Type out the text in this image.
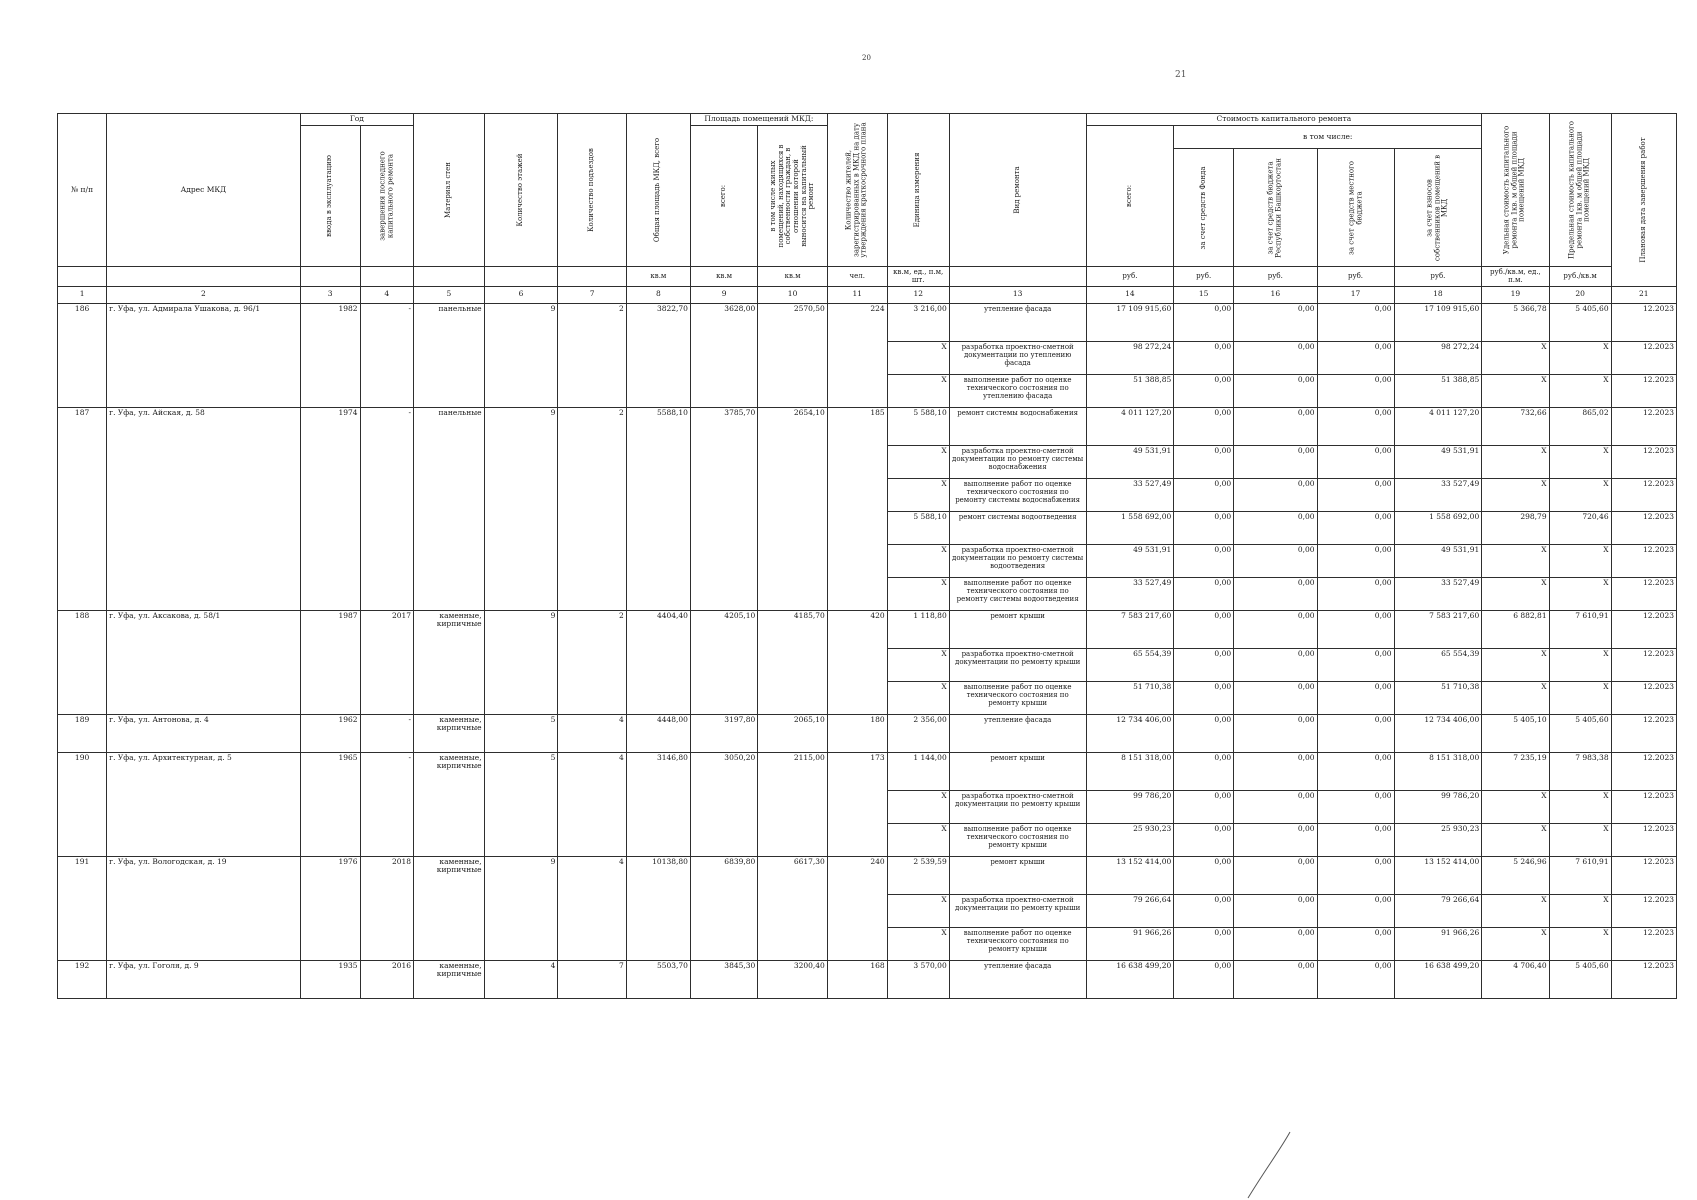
20
21
№ п/п	Адрес МКД	Год		Материал стен	Количество этажей	Количество подъездов	Общая площадь МКД, всего	Площадь помещений МКД:		Количество жителей, зарегистрированных в МКД на дату утверждения краткосрочного плана	Единица измерения	Вид ремонта	Стоимость капитального ремонта					Удельная стоимость капитального ремонта 1кв. м общей площади помещений МКД	Предельная стоимость капитального ремонта 1кв. м общей площади помещений МКД	Плановая дата завершения работ

		ввода в эксплуатацию	завершения последнего капитального ремонта					всего:	в том числе жилых помещений, находящихся в собственности граждан, в отношении которой выносится на капитальный ремонт				всего:	в том числе:						

														за счет средств Фонда	за счет средств бюджета Республики Башкортостан	за счет средств местного бюджета	за счет взносов собственников помещений в МКД			

							кв.м	кв.м	кв.м	чел.	кв.м, ед., п.м, шт.		руб.	руб.	руб.	руб.	руб.	руб./кв.м, ед., п.м.	руб./кв.м	
1	2	3	4	5	6	7	8	9	10	11	12	13	14	15	16	17	18	19	20	21
186	г. Уфа, ул. Адмирала Ушакова, д. 96/1	1982	-	панельные	9	2	3822,70	3628,00	2570,50	224	3 216,00	утепление фасада	17 109 915,60	0,00	0,00	0,00	17 109 915,60	5 366,78	5 405,60	12.2023
											X	разработка проектно-сметной документации по утеплению фасада	98 272,24	0,00	0,00	0,00	98 272,24	X	X	12.2023
											X	выполнение работ по оценке технического состояния по утеплению фасада	51 388,85	0,00	0,00	0,00	51 388,85	X	X	12.2023
187	г. Уфа, ул. Айская, д. 58	1974	-	панельные	9	2	5588,10	3785,70	2654,10	185	5 588,10	ремонт системы водоснабжения	4 011 127,20	0,00	0,00	0,00	4 011 127,20	732,66	865,02	12.2023
											X	разработка проектно-сметной документации по ремонту системы водоснабжения	49 531,91	0,00	0,00	0,00	49 531,91	X	X	12.2023
											X	выполнение работ по оценке технического состояния по ремонту системы водоснабжения	33 527,49	0,00	0,00	0,00	33 527,49	X	X	12.2023
											5 588,10	ремонт системы водоотведения	1 558 692,00	0,00	0,00	0,00	1 558 692,00	298,79	720,46	12.2023
											X	разработка проектно-сметной документации по ремонту системы водоотведения	49 531,91	0,00	0,00	0,00	49 531,91	X	X	12.2023
											X	выполнение работ по оценке технического состояния по ремонту системы водоотведения	33 527,49	0,00	0,00	0,00	33 527,49	X	X	12.2023
188	г. Уфа, ул. Аксакова, д. 58/1	1987	2017	каменные, кирпичные	9	2	4404,40	4205,10	4185,70	420	1 118,80	ремонт крыши	7 583 217,60	0,00	0,00	0,00	7 583 217,60	6 882,81	7 610,91	12.2023
											X	разработка проектно-сметной документации по ремонту крыши	65 554,39	0,00	0,00	0,00	65 554,39	X	X	12.2023
											X	выполнение работ по оценке технического состояния по ремонту крыши	51 710,38	0,00	0,00	0,00	51 710,38	X	X	12.2023
189	г. Уфа, ул. Антонова, д. 4	1962	-	каменные, кирпичные	5	4	4448,00	3197,80	2065,10	180	2 356,00	утепление фасада	12 734 406,00	0,00	0,00	0,00	12 734 406,00	5 405,10	5 405,60	12.2023
190	г. Уфа, ул. Архитектурная, д. 5	1965	-	каменные, кирпичные	5	4	3146,80	3050,20	2115,00	173	1 144,00	ремонт крыши	8 151 318,00	0,00	0,00	0,00	8 151 318,00	7 235,19	7 983,38	12.2023
											X	разработка проектно-сметной документации по ремонту крыши	99 786,20	0,00	0,00	0,00	99 786,20	X	X	12.2023
											X	выполнение работ по оценке технического состояния по ремонту крыши	25 930,23	0,00	0,00	0,00	25 930,23	X	X	12.2023
191	г. Уфа, ул. Вологодская, д. 19	1976	2018	каменные, кирпичные	9	4	10138,80	6839,80	6617,30	240	2 539,59	ремонт крыши	13 152 414,00	0,00	0,00	0,00	13 152 414,00	5 246,96	7 610,91	12.2023
											X	разработка проектно-сметной документации по ремонту крыши	79 266,64	0,00	0,00	0,00	79 266,64	X	X	12.2023
											X	выполнение работ по оценке технического состояния по ремонту крыши	91 966,26	0,00	0,00	0,00	91 966,26	X	X	12.2023
192	г. Уфа, ул. Гоголя, д. 9	1935	2016	каменные, кирпичные	4	7	5503,70	3845,30	3200,40	168	3 570,00	утепление фасада	16 638 499,20	0,00	0,00	0,00	16 638 499,20	4 706,40	5 405,60	12.2023
